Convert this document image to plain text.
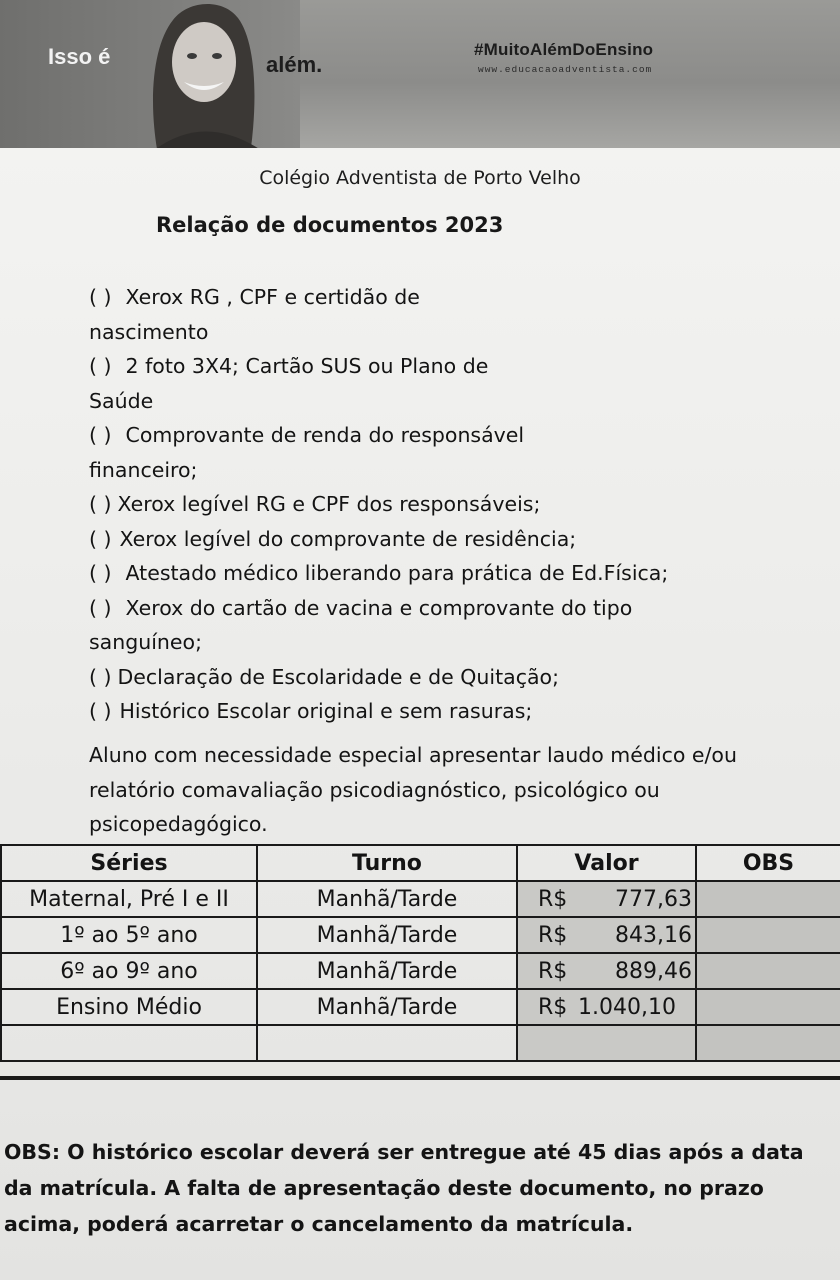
Isso é	além.
#MuitoAlémDoEnsino
www.educacaoadventista.com
Colégio Adventista de Porto Velho
Relação de documentos 2023
( ) Xerox RG , CPF e certidão de
nascimento
( ) 2 foto 3X4; Cartão SUS ou Plano de
Saúde
( ) Comprovante de renda do responsável
financeiro;
( ) Xerox legível RG e CPF dos responsáveis;
( ) Xerox legível do comprovante de residência;
( ) Atestado médico liberando para prática de Ed.Física;
( ) Xerox do cartão de vacina e comprovante do tipo
sanguíneo;
( ) Declaração de Escolaridade e de Quitação;
( ) Histórico Escolar original e sem rasuras;
Aluno com necessidade especial apresentar laudo médico e/ou relatório comavaliação psicodiagnóstico, psicológico ou psicopedagógico.
Séries	Turno	Valor	OBS
Maternal, Pré I e II	Manhã/Tarde	R$ 777,63	
1º ao 5º ano	Manhã/Tarde	R$ 843,16	
6º ao 9º ano	Manhã/Tarde	R$ 889,46	
Ensino Médio	Manhã/Tarde	R$ 1.040,10	

OBS: O histórico escolar deverá ser entregue até 45 dias após a data da matrícula. A falta de apresentação deste documento, no prazo acima, poderá acarretar o cancelamento da matrícula.
